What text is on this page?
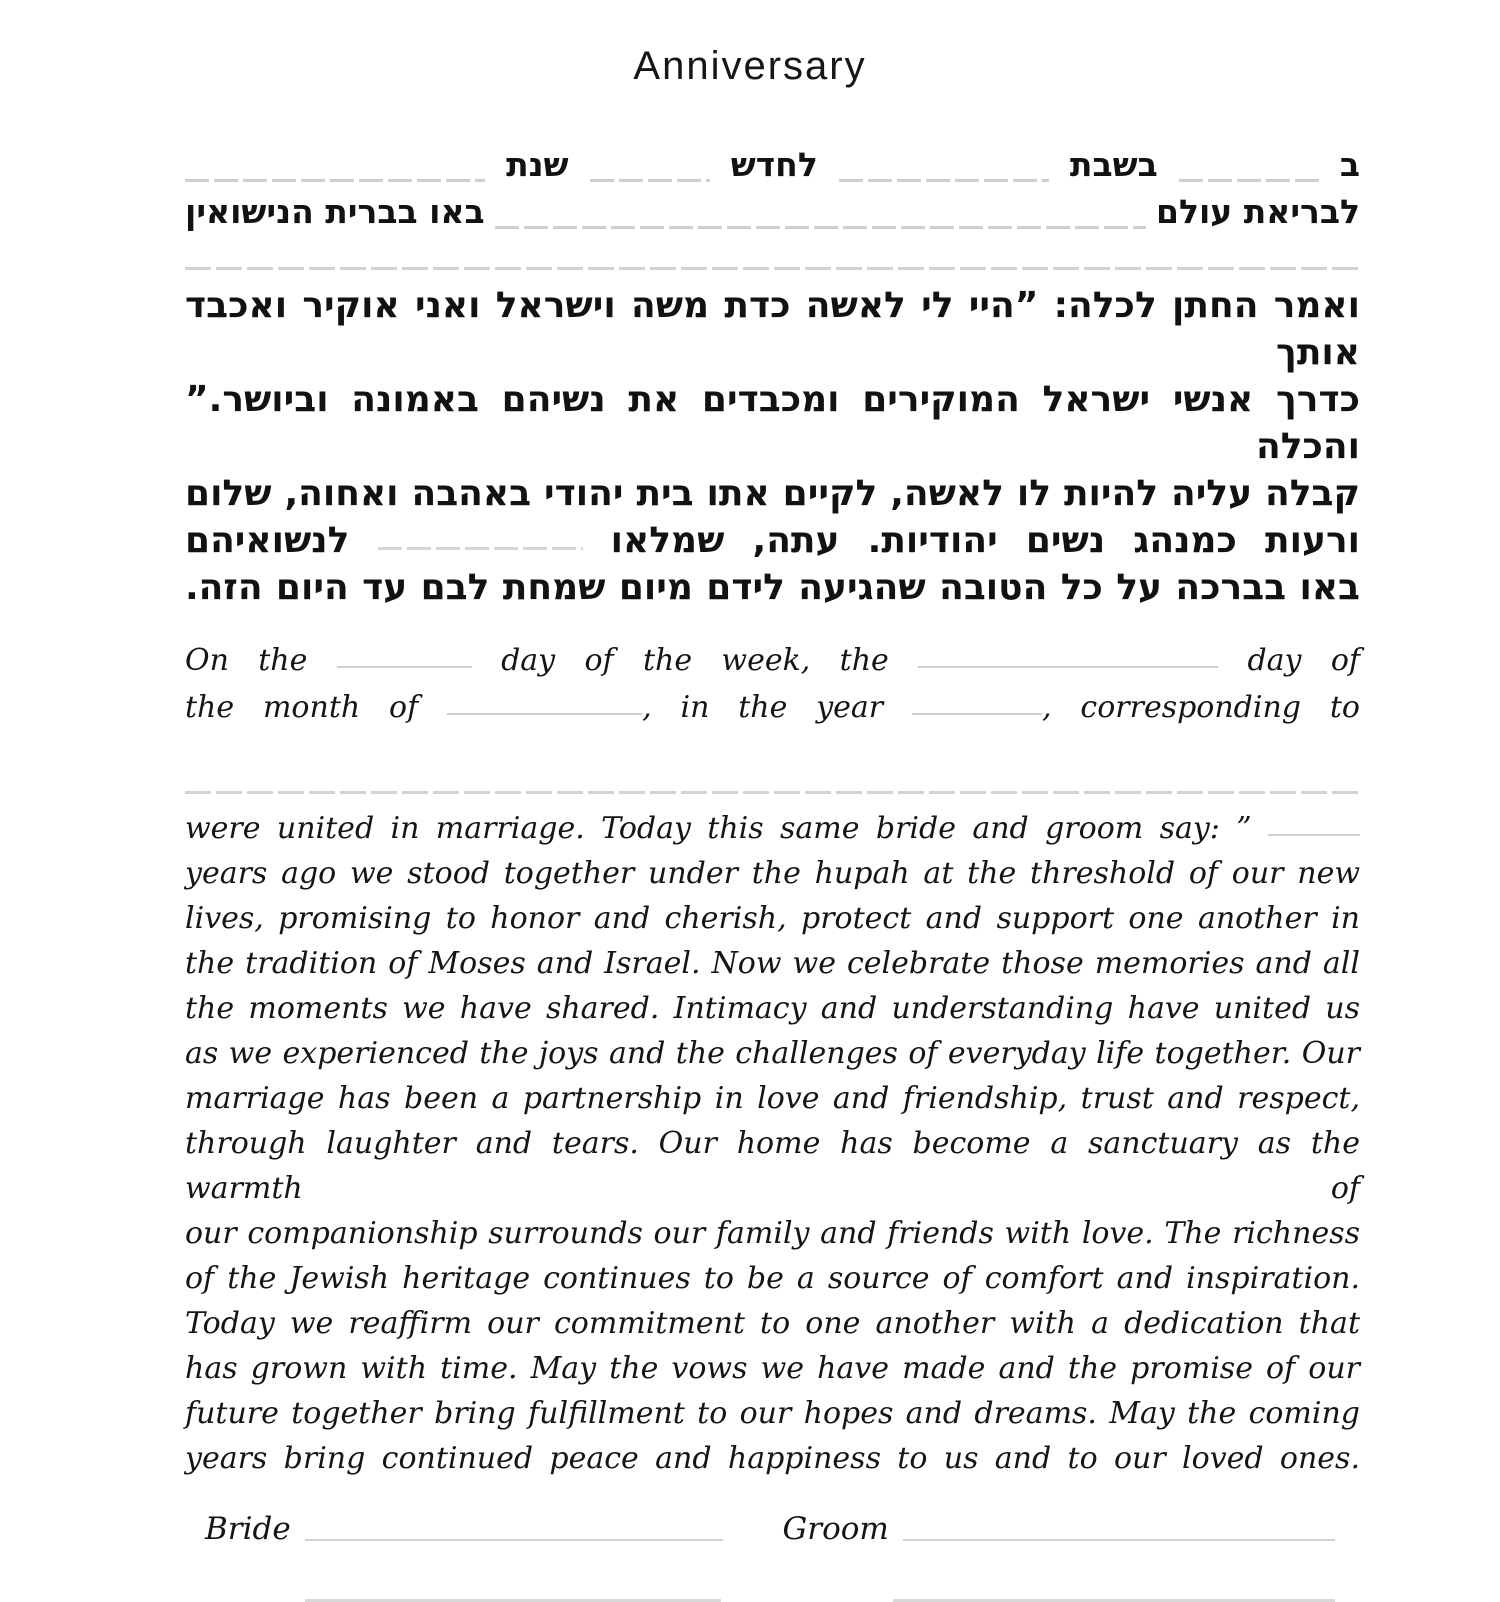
Anniversary
ב
בשבת
לחדש
שנת
לבריאת עולם
באו בברית הנישואין
ואמר החתן לכלה: ”היי לי לאשה כדת משה וישראל ואני אוקיר ואכבד אותך
כדרך אנשי ישראל המוקירים ומכבדים את נשיהם באמונה וביושר.” והכלה
קבלה עליה להיות לו לאשה, לקיים אתו בית יהודי באהבה ואחוה, שלום
ורעות כמנהג נשים יהודיות. עתה, שמלאו  לנשואיהם
באו בברכה על כל הטובה שהגיעה לידם מיום שמחת לבם עד היום הזה.
On the	day of the week, the	day of
the month of	, in the year	, corresponding to
were united in marriage. Today this same bride and groom say: ”
years ago we stood together under the hupah at the threshold of our new
lives, promising to honor and cherish, protect and support one another in
the tradition of Moses and Israel. Now we celebrate those memories and all
the moments we have shared. Intimacy and understanding have united us
as we experienced the joys and the challenges of everyday life together. Our
marriage has been a partnership in love and friendship, trust and respect,
through laughter and tears. Our home has become a sanctuary as the warmth of
our companionship surrounds our family and friends with love. The richness
of the Jewish heritage continues to be a source of comfort and inspiration.
Today we reaffirm our commitment to one another with a dedication that
has grown with time. May the vows we have made and the promise of our
future together bring fulfillment to our hopes and dreams. May the coming
years bring continued peace and happiness to us and to our loved ones.
Bride	Groom
